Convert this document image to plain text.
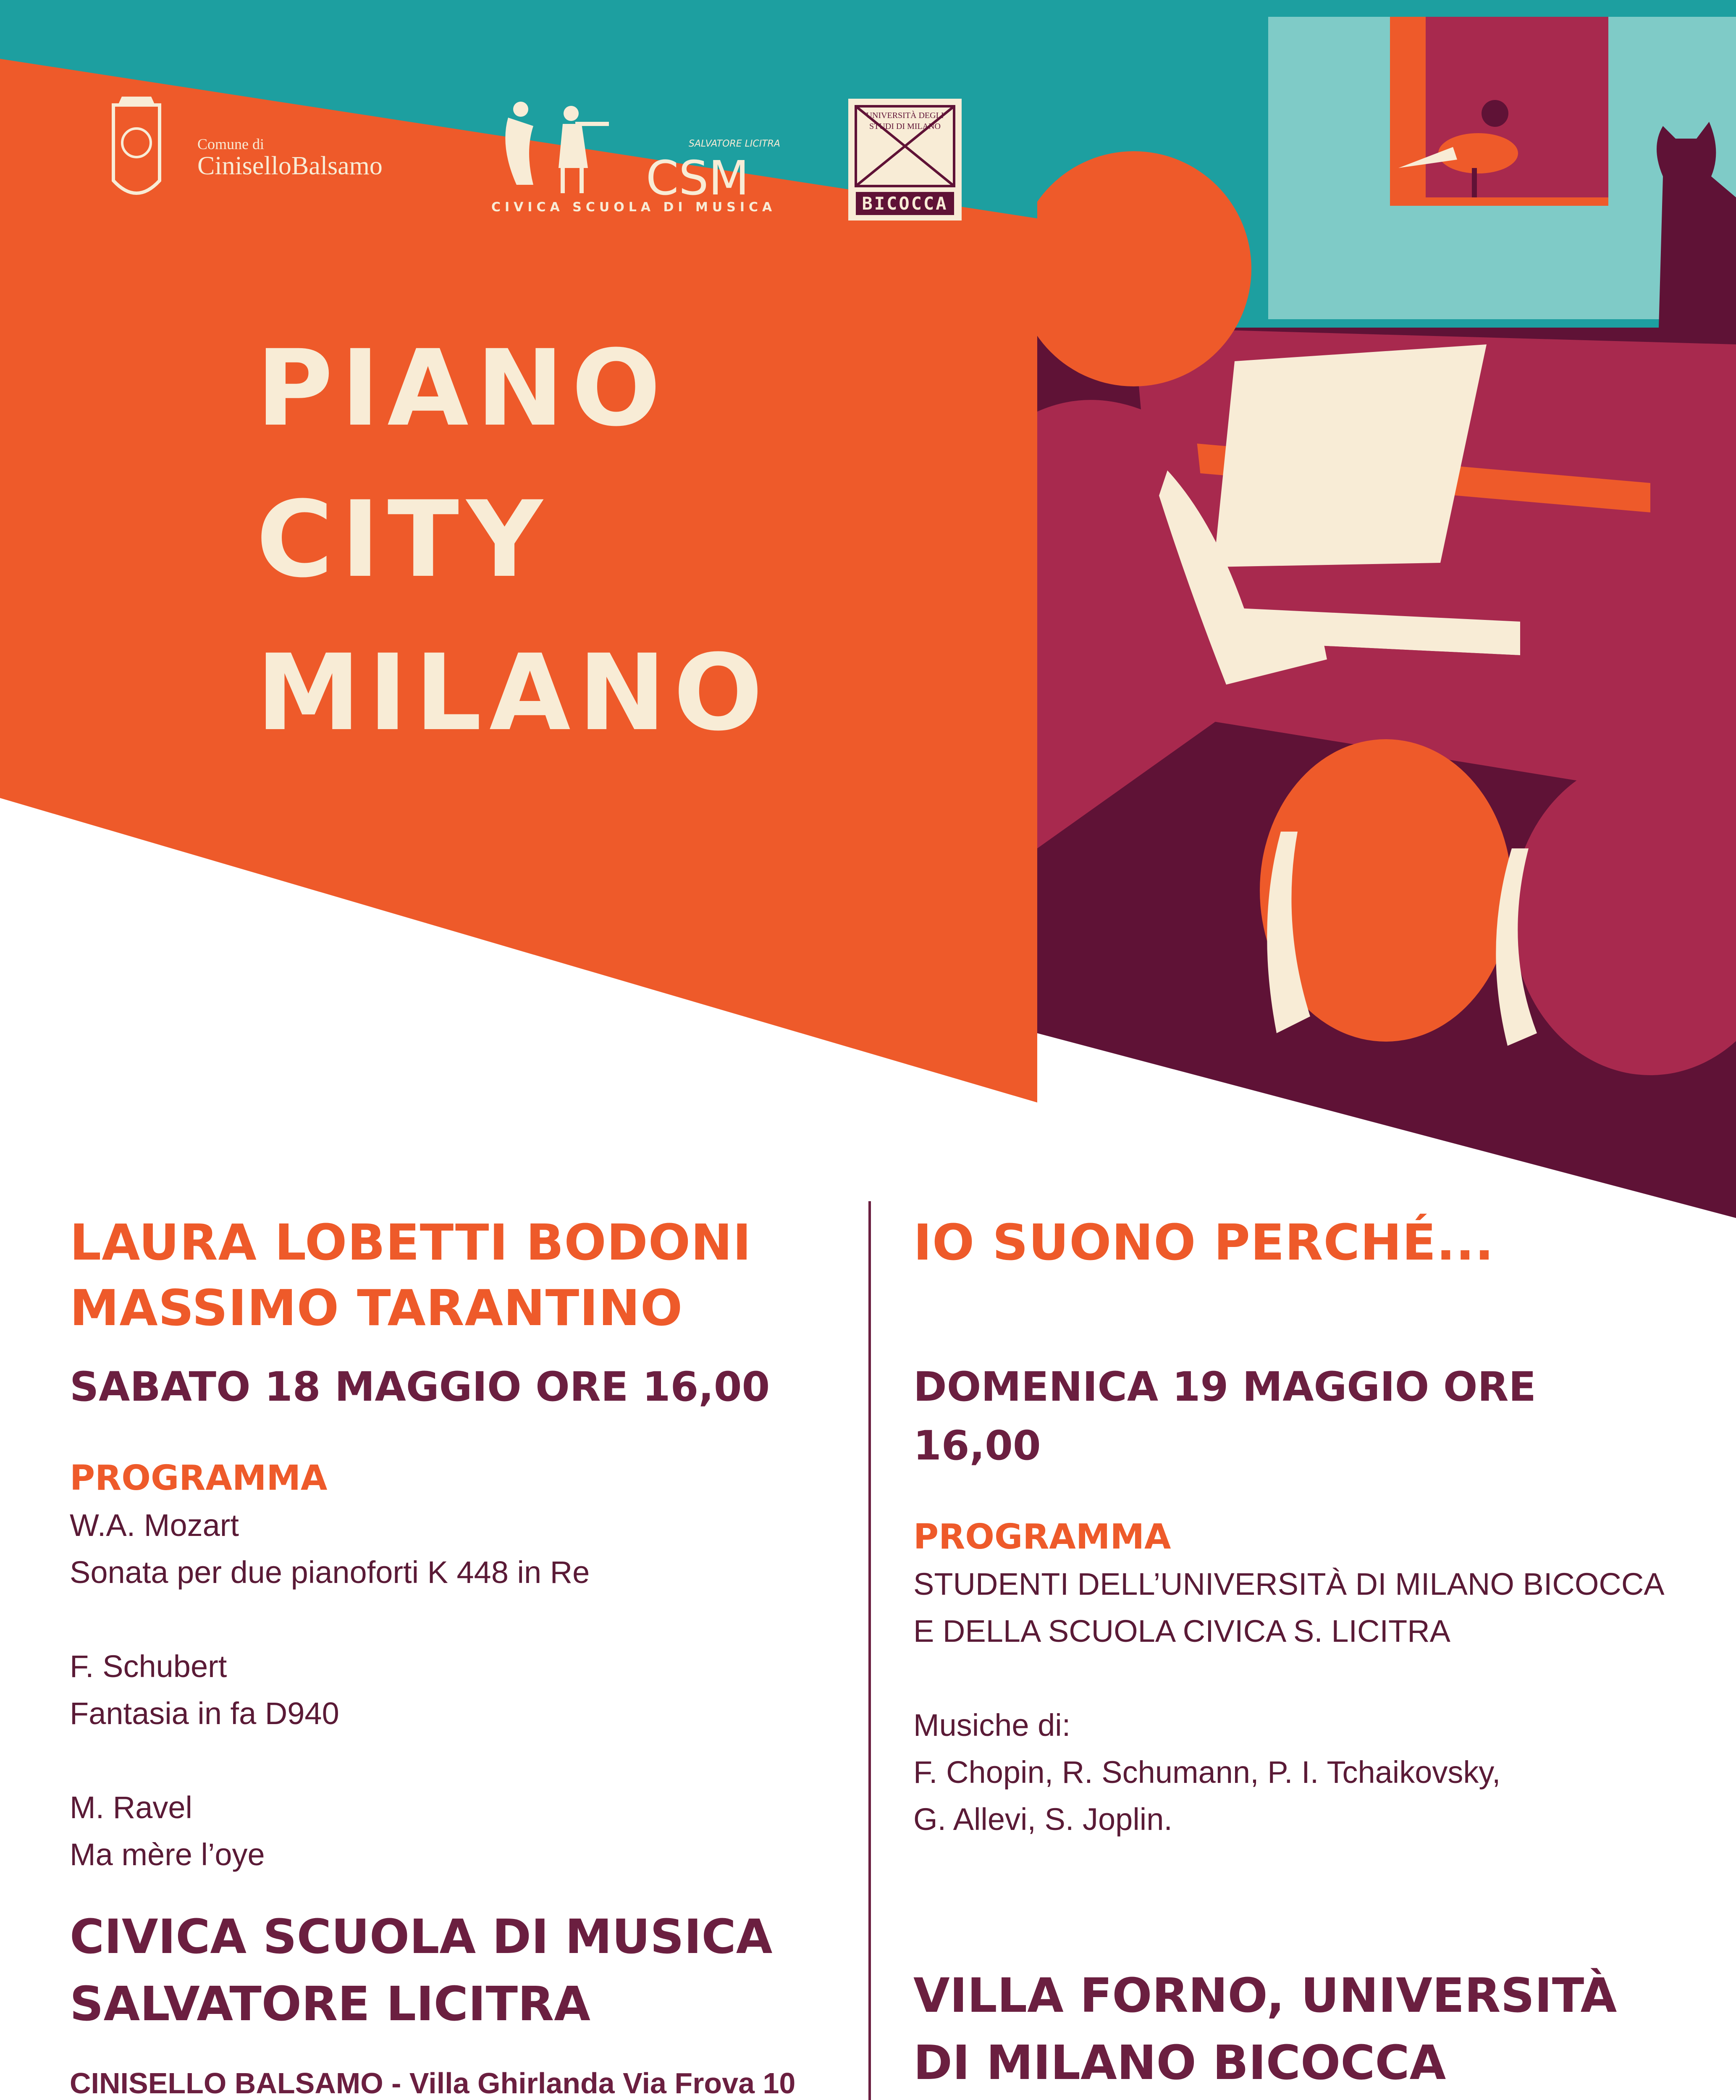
Comune di
CiniselloBalsamo
SALVATORE LICITRA
CSM
CIVICA SCUOLA DI MUSICA
UNIVERSITÀ DEGLI STUDI DI MILANO
BICOCCA
PIANO
CITY
MILANO
LAURA LOBETTI BODONI
MASSIMO TARANTINO
SABATO 18 MAGGIO ORE 16,00
PROGRAMMA
W.A. Mozart
Sonata per due pianoforti K 448 in Re

F. Schubert
Fantasia in fa D940

M. Ravel
Ma mère l’oye
CIVICA SCUOLA DI MUSICA
SALVATORE LICITRA
CINISELLO BALSAMO - Villa Ghirlanda Via Frova 10
IO SUONO PERCHÉ...

DOMENICA 19 MAGGIO ORE 16,00
PROGRAMMA
STUDENTI DELL’UNIVERSITÀ DI MILANO BICOCCA
E DELLA SCUOLA CIVICA S. LICITRA

Musiche di:
F. Chopin, R. Schumann, P. I. Tchaikovsky,
G. Allevi, S. Joplin.

VILLA FORNO, UNIVERSITÀ
DI MILANO BICOCCA
